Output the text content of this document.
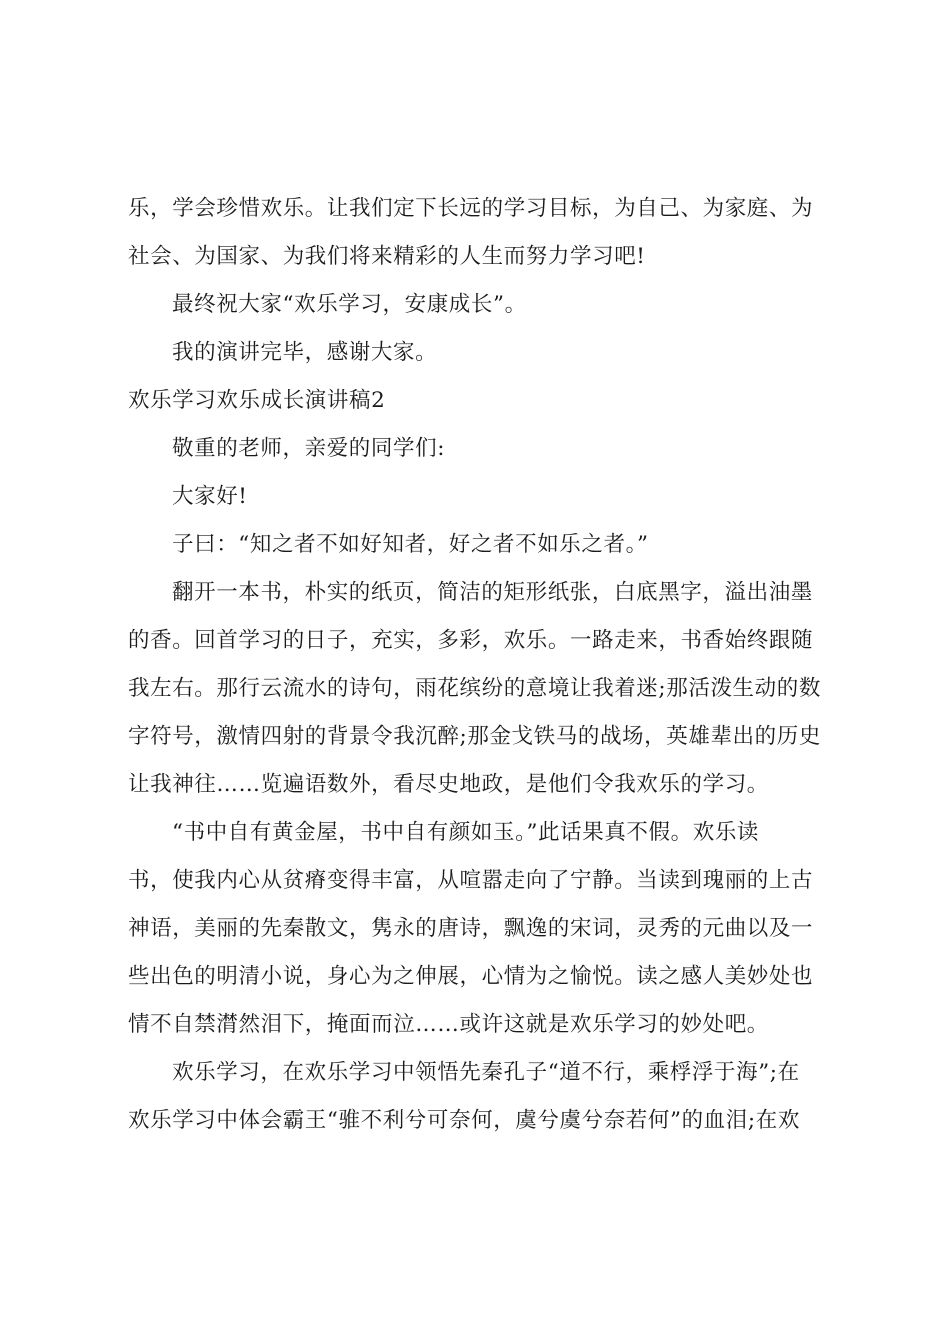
乐，学会珍惜欢乐。让我们定下长远的学习目标，为自己、为家庭、为
社会、为国家、为我们将来精彩的人生而努力学习吧!
最终祝大家“欢乐学习，安康成长”。
我的演讲完毕，感谢大家。
欢乐学习欢乐成长演讲稿2
敬重的老师，亲爱的同学们:
大家好!
子曰：“知之者不如好知者，好之者不如乐之者。”
翻开一本书，朴实的纸页，简洁的矩形纸张，白底黑字，溢出油墨
的香。回首学习的日子，充实，多彩，欢乐。一路走来，书香始终跟随
我左右。那行云流水的诗句，雨花缤纷的意境让我着迷;那活泼生动的数
字符号，激情四射的背景令我沉醉;那金戈铁马的战场，英雄辈出的历史
让我神往……览遍语数外，看尽史地政，是他们令我欢乐的学习。
“书中自有黄金屋，书中自有颜如玉。”此话果真不假。欢乐读
书，使我内心从贫瘠变得丰富，从喧嚣走向了宁静。当读到瑰丽的上古
神语，美丽的先秦散文，隽永的唐诗，飘逸的宋词，灵秀的元曲以及一
些出色的明清小说，身心为之伸展，心情为之愉悦。读之感人美妙处也
情不自禁潸然泪下，掩面而泣……或许这就是欢乐学习的妙处吧。
欢乐学习，在欢乐学习中领悟先秦孔子“道不行，乘桴浮于海”;在
欢乐学习中体会霸王“骓不利兮可奈何，虞兮虞兮奈若何”的血泪;在欢
